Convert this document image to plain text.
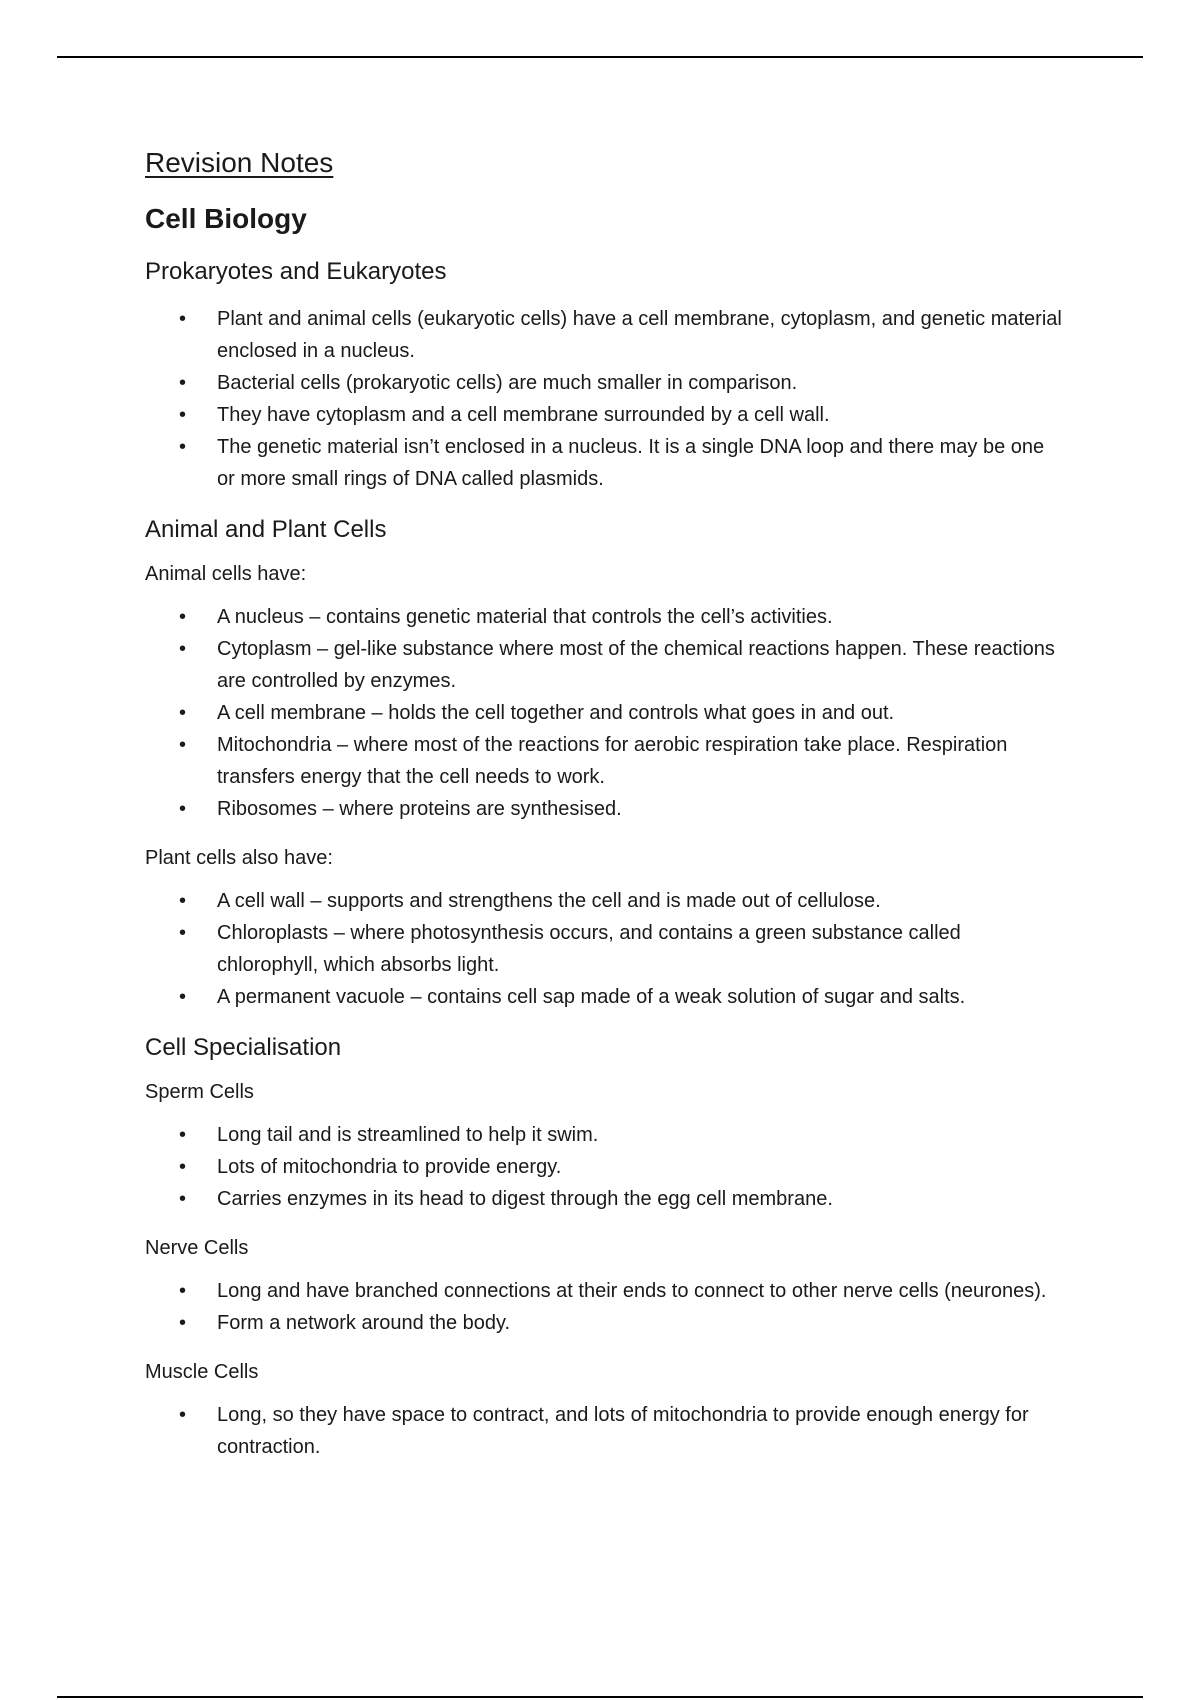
Revision Notes
Cell Biology
Prokaryotes and Eukaryotes
• Plant and animal cells (eukaryotic cells) have a cell membrane, cytoplasm, and genetic material enclosed in a nucleus.
• Bacterial cells (prokaryotic cells) are much smaller in comparison.
• They have cytoplasm and a cell membrane surrounded by a cell wall.
• The genetic material isn’t enclosed in a nucleus. It is a single DNA loop and there may be one or more small rings of DNA called plasmids.
Animal and Plant Cells

Animal cells have:

• A nucleus – contains genetic material that controls the cell’s activities.
• Cytoplasm – gel-like substance where most of the chemical reactions happen. These reactions are controlled by enzymes.
• A cell membrane – holds the cell together and controls what goes in and out.
• Mitochondria – where most of the reactions for aerobic respiration take place. Respiration transfers energy that the cell needs to work.
• Ribosomes – where proteins are synthesised.

Plant cells also have:

• A cell wall – supports and strengthens the cell and is made out of cellulose.
• Chloroplasts – where photosynthesis occurs, and contains a green substance called chlorophyll, which absorbs light.
• A permanent vacuole – contains cell sap made of a weak solution of sugar and salts.
Cell Specialisation

Sperm Cells

• Long tail and is streamlined to help it swim.
• Lots of mitochondria to provide energy.
• Carries enzymes in its head to digest through the egg cell membrane.

Nerve Cells

• Long and have branched connections at their ends to connect to other nerve cells (neurones).
• Form a network around the body.

Muscle Cells

• Long, so they have space to contract, and lots of mitochondria to provide enough energy for contraction.
